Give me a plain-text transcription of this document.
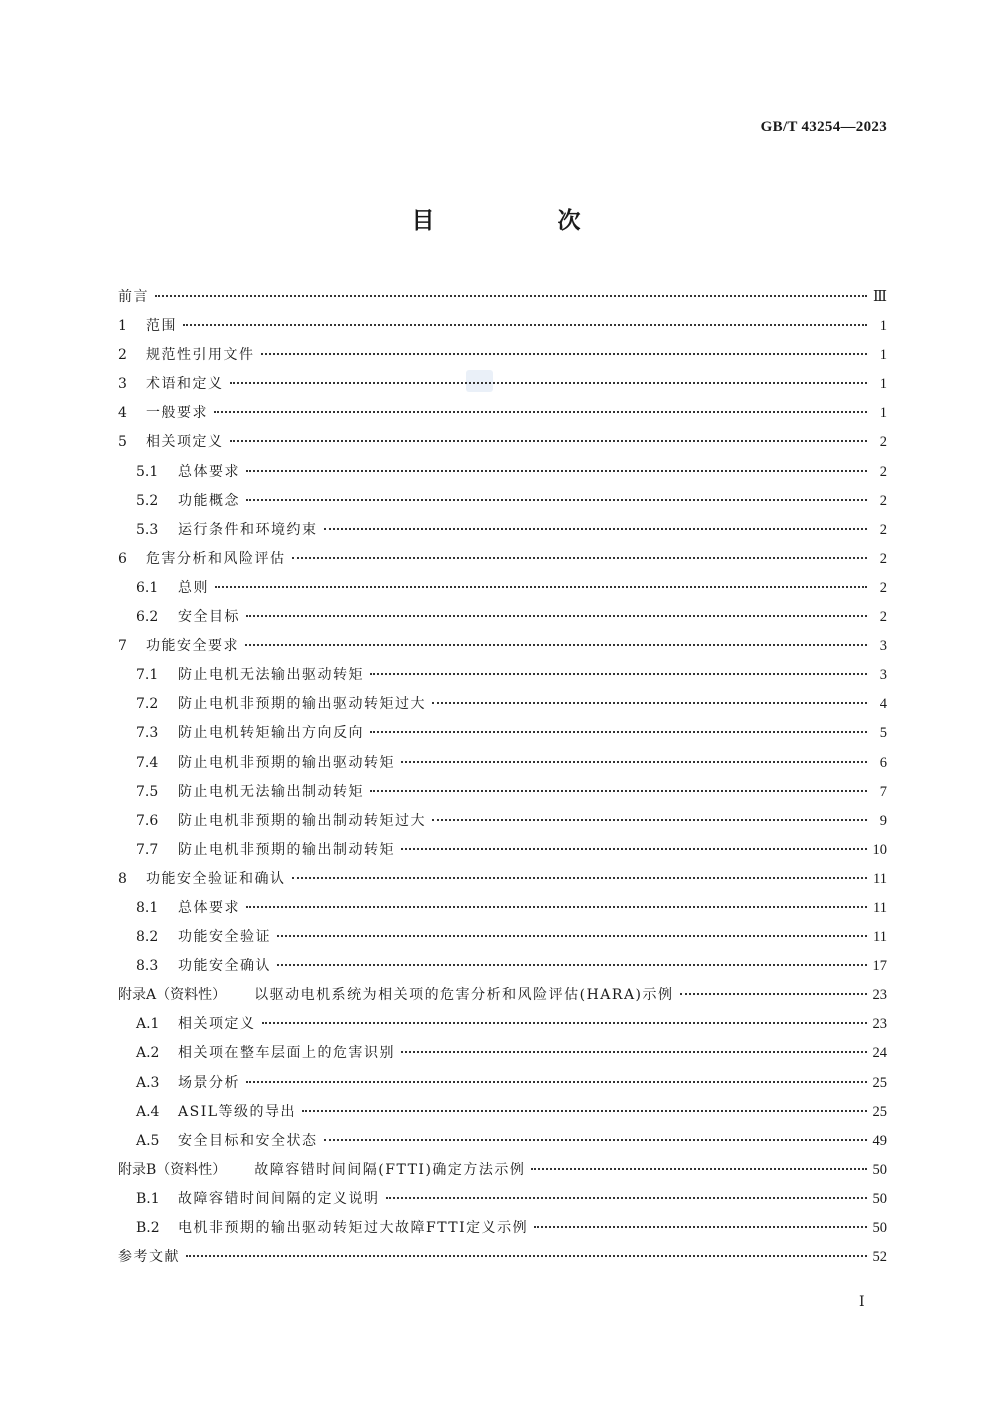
GB/T 43254—2023
目　次
前言	Ⅲ
1	范围	1
2	规范性引用文件	1
3	术语和定义	1
4	一般要求	1
5	相关项定义	2
5.1	总体要求	2
5.2	功能概念	2
5.3	运行条件和环境约束	2
6	危害分析和风险评估	2
6.1	总则	2
6.2	安全目标	2
7	功能安全要求	3
7.1	防止电机无法输出驱动转矩	3
7.2	防止电机非预期的输出驱动转矩过大	4
7.3	防止电机转矩输出方向反向	5
7.4	防止电机非预期的输出驱动转矩	6
7.5	防止电机无法输出制动转矩	7
7.6	防止电机非预期的输出制动转矩过大	9
7.7	防止电机非预期的输出制动转矩	10
8	功能安全验证和确认	11
8.1	总体要求	11
8.2	功能安全验证	11
8.3	功能安全确认	17
附录A（资料性） 以驱动电机系统为相关项的危害分析和风险评估(HARA)示例	23
A.1	相关项定义	23
A.2	相关项在整车层面上的危害识别	24
A.3	场景分析	25
A.4	ASIL等级的导出	25
A.5	安全目标和安全状态	49
附录B（资料性） 故障容错时间间隔(FTTI)确定方法示例	50
B.1	故障容错时间间隔的定义说明	50
B.2	电机非预期的输出驱动转矩过大故障FTTI定义示例	50
参考文献	52
Ⅰ
